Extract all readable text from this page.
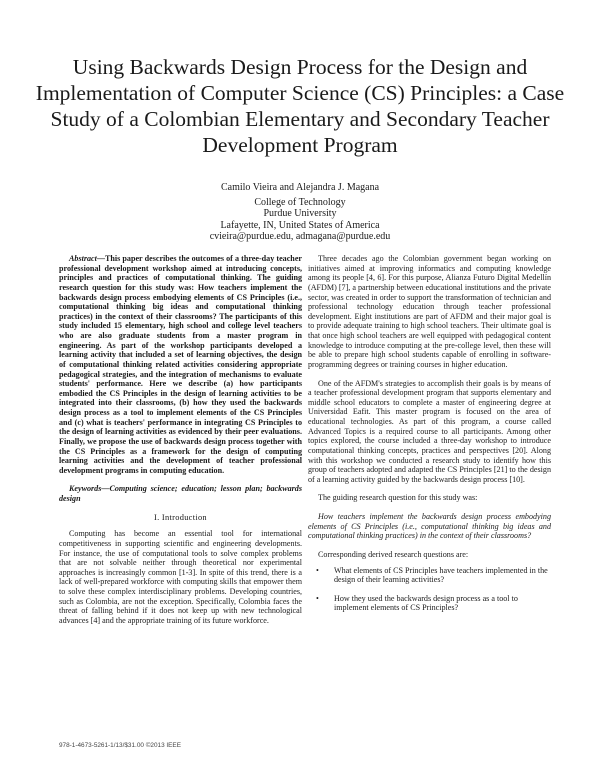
Using Backwards Design Process for the Design and Implementation of Computer Science (CS) Principles: a Case Study of a Colombian Elementary and Secondary Teacher Development Program
Camilo Vieira and Alejandra J. Magana
College of Technology
Purdue University
Lafayette, IN, United States of America
cvieira@purdue.edu, admagana@purdue.edu

Abstract—This paper describes the outcomes of a three-day teacher professional development workshop aimed at introducing concepts, principles and practices of computational thinking. The guiding research question for this study was: How teachers implement the backwards design process embodying elements of CS Principles (i.e., computational thinking big ideas and computational thinking practices) in the context of their classrooms? The participants of this study included 15 elementary, high school and college level teachers who are also graduate students from a master program in engineering. As part of the workshop participants developed a learning activity that included a set of learning objectives, the design of computational thinking related activities considering appropriate pedagogical strategies, and the integration of mechanisms to evaluate students' performance. Here we describe (a) how participants embodied the CS Principles in the design of learning activities to be integrated into their classrooms, (b) how they used the backwards design process as a tool to implement elements of the CS Principles and (c) what is teachers' performance in integrating CS Principles to the design of learning activities as evidenced by their peer evaluations. Finally, we propose the use of backwards design process together with the CS Principles as a framework for the design of computing learning activities and the development of teacher professional development programs in computing education.

Keywords—Computing science; education; lesson plan; backwards design

I. Introduction

Computing has become an essential tool for international competitiveness in supporting scientific and engineering developments. For instance, the use of computational tools to solve complex problems that are not solvable neither through theoretical nor experimental approaches is increasingly common [1-3]. In spite of this trend, there is a lack of well-prepared workforce with computing skills that empower them to solve these complex interdisciplinary problems. Developing countries, such as Colombia, are not the exception. Specifically, Colombia faces the threat of falling behind if it does not keep up with new technological advances [4] and the appropriate training of its future workforce.

Three decades ago the Colombian government began working on initiatives aimed at improving informatics and computing knowledge among its people [4, 6]. For this purpose, Alianza Futuro Digital Medellín (AFDM) [7], a partnership between educational institutions and the private sector, was created in order to support the transformation of technician and professional technology education through teacher professional development. Eight institutions are part of AFDM and their major goal is to provide adequate training to high school teachers. Their ultimate goal is that once high school teachers are well equipped with pedagogical content knowledge to introduce computing at the pre-college level, then these will be able to prepare high school students capable of enrolling in software-programming degrees or training courses in higher education.

One of the AFDM's strategies to accomplish their goals is by means of a teacher professional development program that supports elementary and middle school educators to complete a master of engineering degree at Universidad Eafit. This master program is focused on the area of educational technologies. As part of this program, a course called Advanced Topics is a required course to all participants. Among other topics explored, the course included a three-day workshop to introduce computational thinking concepts, practices and perspectives [20]. Along with this workshop we conducted a research study to identify how this group of teachers adopted and adapted the CS Principles [21] to the design of a learning activity guided by the backwards design process [10].

The guiding research question for this study was:

How teachers implement the backwards design process embodying elements of CS Principles (i.e., computational thinking big ideas and computational thinking practices) in the context of their classrooms?

Corresponding derived research questions are:

• What elements of CS Principles have teachers implemented in the design of their learning activities?
• How they used the backwards design process as a tool to implement elements of CS Principles?
978-1-4673-5261-1/13/$31.00 ©2013 IEEE
